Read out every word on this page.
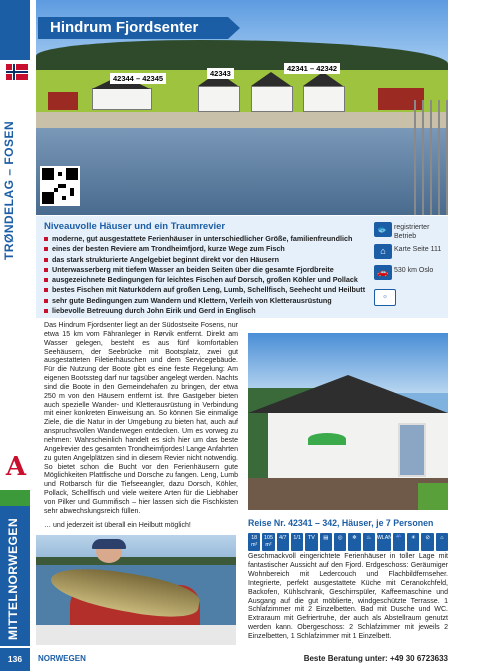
TRØNDELAG – FOSEN
A
MITTELNORWEGEN
Hindrum Fjordsenter
42344 – 42345
42343
42341 – 42342
Niveauvolle Häuser und ein Traumrevier
moderne, gut ausgestattete Ferienhäuser in unterschiedlicher Größe, familienfreundlich
eines der besten Reviere am Trondheimfjord, kurze Wege zum Fisch
das stark strukturierte Angelgebiet beginnt direkt vor den Häusern
Unterwasserberg mit tiefem Wasser an beiden Seiten über die gesamte Fjordbreite
ausgezeichnete Bedingungen für leichtes Fischen auf Dorsch, großen Köhler und Pollack
bestes Fischen mit Naturködern auf großen Leng, Lumb, Schellfisch, Seehecht und Heilbutt
sehr gute Bedingungen zum Wandern und Klettern, Verleih von Kletterausrüstung
liebevolle Betreuung durch John Eirik und Gerd in Englisch
🐟 registrierter Betrieb
⌂	Karte Seite 111
🚗 530 km Oslo
☼

Das Hindrum Fjordsenter liegt an der Südostseite Fosens, nur etwa 15 km vom Fähranleger in Rørvik entfernt. Direkt am Wasser gelegen, besteht es aus fünf komfortablen Seehäusern, der Seebrücke mit Bootsplatz, zwei gut ausgestatteten Filetierhäuschen und dem Servicegebäude. Für die Nutzung der Boote gibt es eine feste Regelung: Am eigenen Bootssteg darf nur tagsüber angelegt werden. Nachts sind die Boote in den Gemeindehafen zu bringen, der etwa 250 m von den Häusern entfernt ist. Ihre Gastgeber bieten auch spezielle Wander- und Kletterausrüstung in Verbindung mit einer konkreten Einweisung an. So können Sie einmalige Ziele, die die Natur in der Umgebung zu bieten hat, auch auf anspruchsvollen Wanderwegen entdecken. Um es vorweg zu nehmen: Wahrscheinlich handelt es sich hier um das beste Angelrevier des gesamten Trondheimfjordes! Lange Anfahrten zu guten Angelplätzen sind in diesem Revier nicht notwendig. So bietet schon die Bucht vor den Ferienhäusern gute Möglichkeiten Plattfische und Dorsche zu fangen. Leng, Lumb und Rotbarsch für die Tiefseeangler, dazu Dorsch, Köhler, Pollack, Schellfisch und viele weitere Arten für die Liebhaber von Pilker und Gummifisch – hier lassen sich die Fischkisten sehr abwechslungsreich füllen.

… und jederzeit ist überall ein Heilbutt möglich!	Reise Nr. 42341 – 342, Häuser, je 7 Personen
18 m²
105 m²
4/7	1/1	TV	▤	◎	❄	♨	WLAN ☔	☀	⊘	⌂

Geschmackvoll eingerichtete Ferienhäuser in toller Lage mit fantastischer Aussicht auf den Fjord. Erdgeschoss: Geräumiger Wohnbereich mit Ledercouch und Flachbildfernseher. Integrierte, perfekt ausgestattete Küche mit Ceranokchfeld, Backofen, Kühlschrank, Geschirrspüler, Kaffeemaschine und Ausgang auf die gut möblierte, windgeschützte Terrasse. 1 Schlafzimmer mit 2 Einzelbetten. Bad mit Dusche und WC. Extraraum mit Gefriertruhe, der auch als Abstellraum genutzt werden kann. Obergeschoss: 2 Schlafzimmer mit jeweils 2 Einzelbetten, 1 Schlafzimmer mit 1 Einzelbett.

136	NORWEGEN	Beste Beratung unter: +49 30 6723633
